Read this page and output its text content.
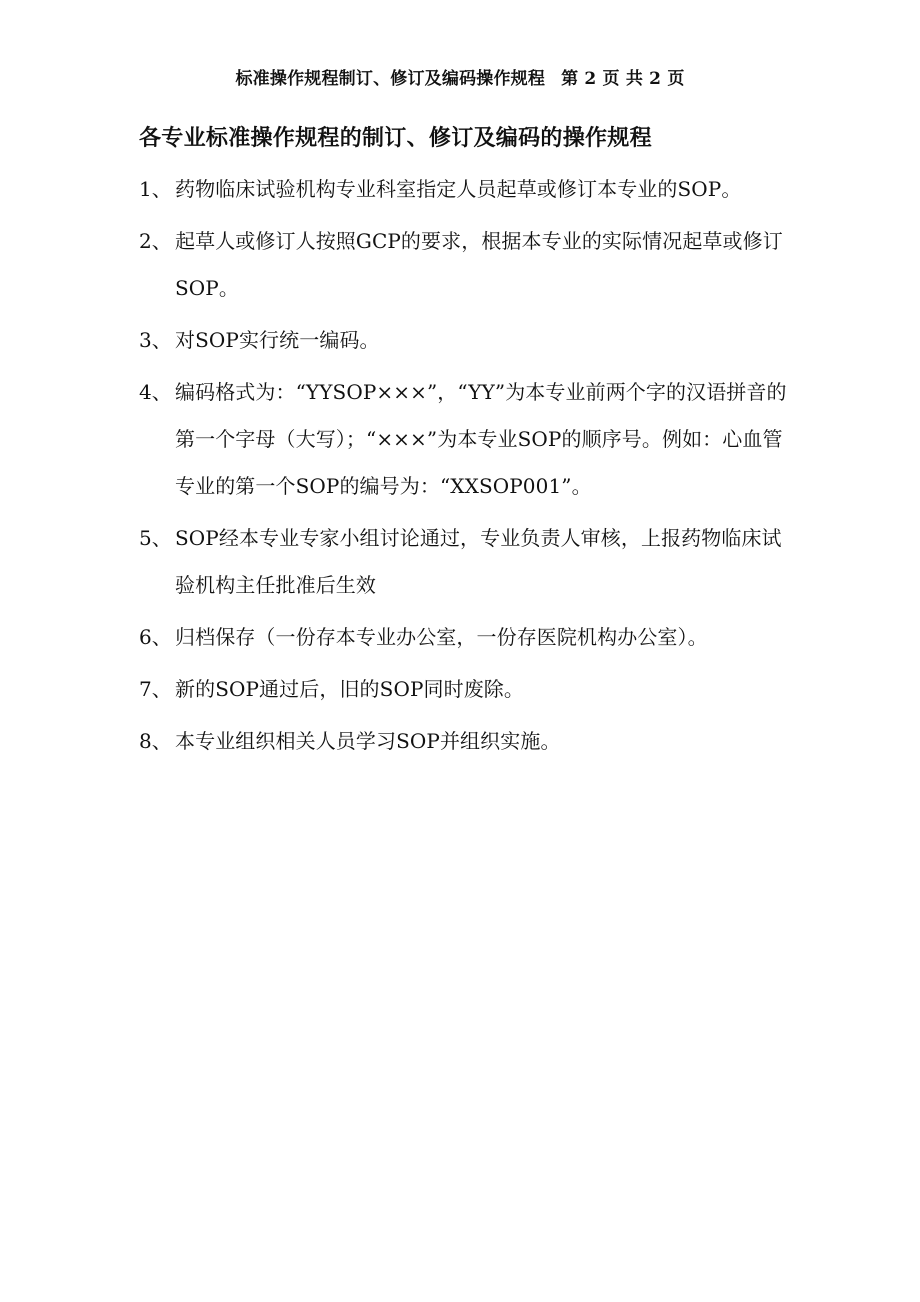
标准操作规程制订、修订及编码操作规程 第 2 页 共 2 页
各专业标准操作规程的制订、修订及编码的操作规程
1、 药物临床试验机构专业科室指定人员起草或修订本专业的SOP。
2、 起草人或修订人按照GCP的要求，根据本专业的实际情况起草或修订SOP。
3、 对SOP实行统一编码。
4、 编码格式为：“YYSOP×××”，“YY”为本专业前两个字的汉语拼音的第一个字母（大写）；“×××”为本专业SOP的顺序号。例如：心血管专业的第一个SOP的编号为：“XXSOP001”。
5、 SOP经本专业专家小组讨论通过，专业负责人审核，上报药物临床试验机构主任批准后生效
6、 归档保存（一份存本专业办公室，一份存医院机构办公室）。
7、 新的SOP通过后，旧的SOP同时废除。
8、 本专业组织相关人员学习SOP并组织实施。
